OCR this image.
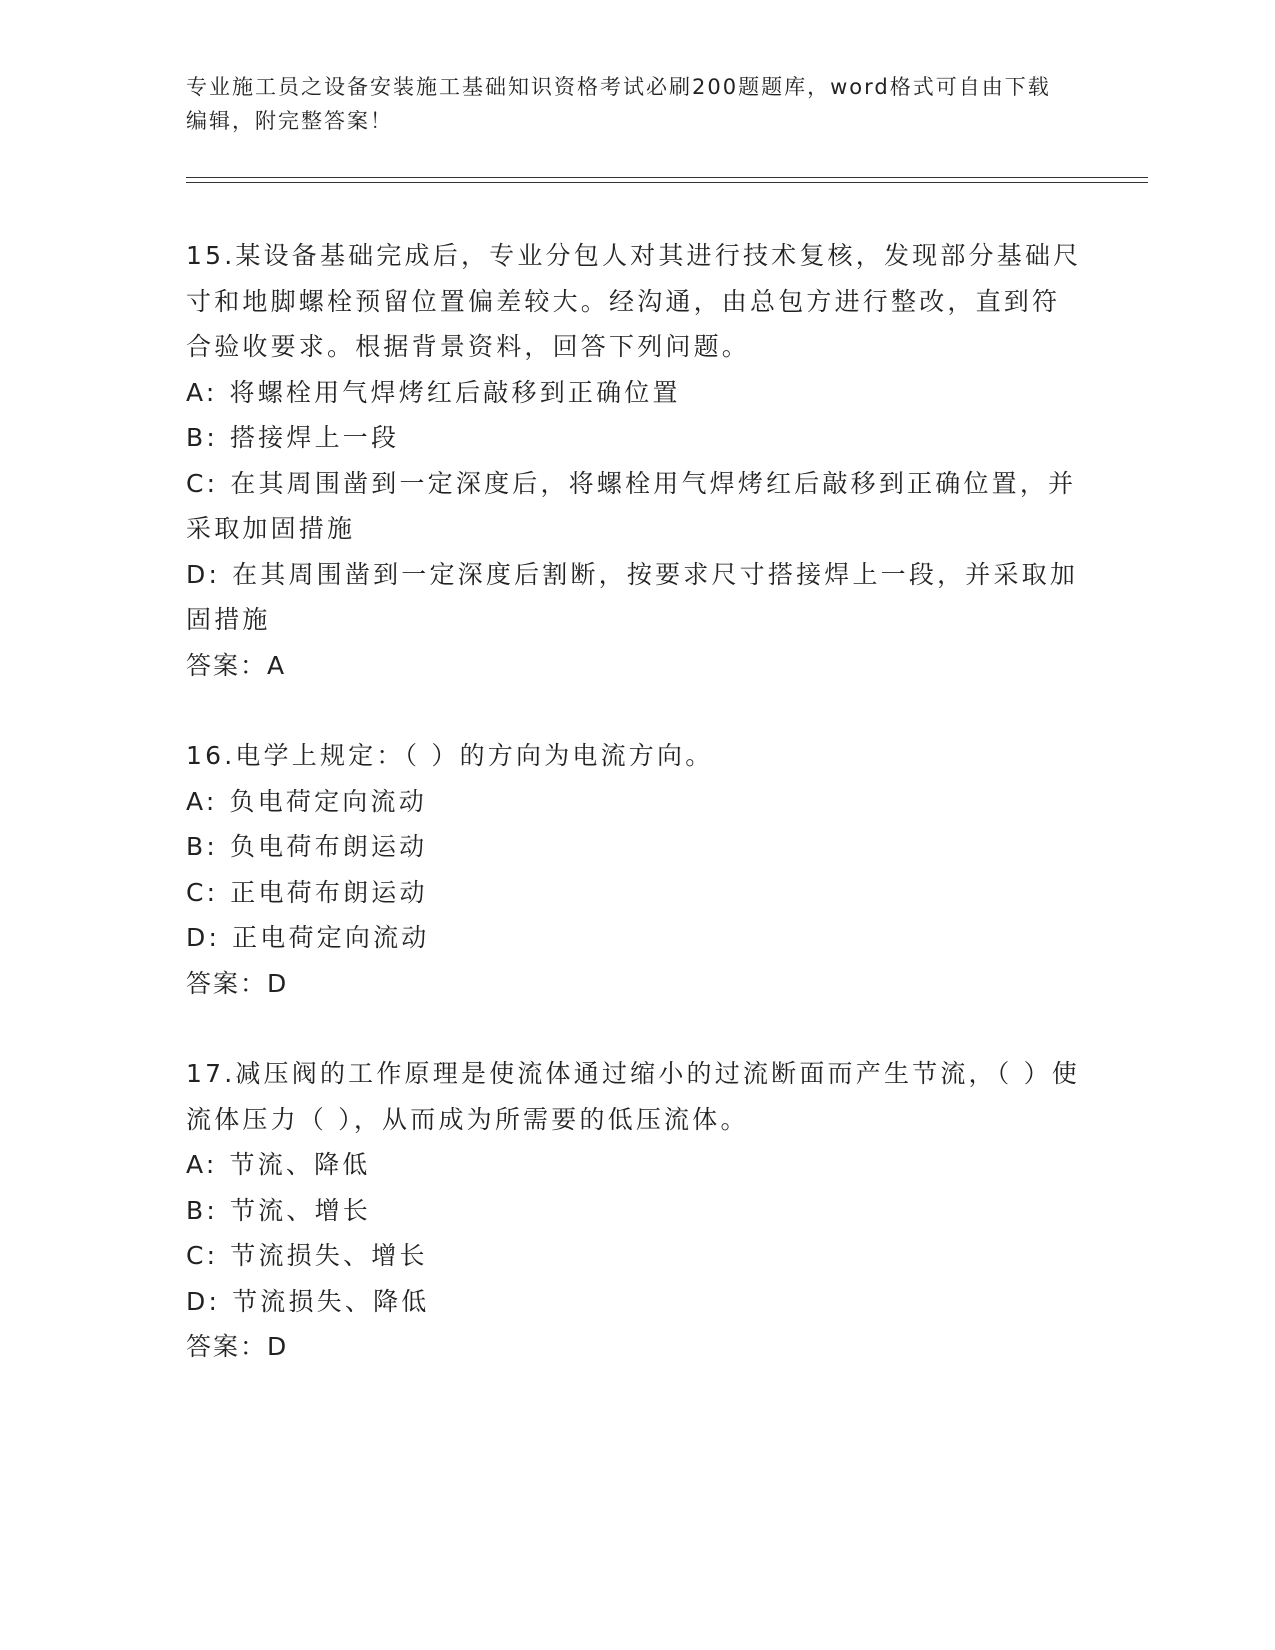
专业施工员之设备安装施工基础知识资格考试必刷200题题库，word格式可自由下载编辑，附完整答案！

15.某设备基础完成后，专业分包人对其进行技术复核，发现部分基础尺寸和地脚螺栓预留位置偏差较大。经沟通，由总包方进行整改，直到符合验收要求。根据背景资料，回答下列问题。

A: 将螺栓用气焊烤红后敲移到正确位置

B: 搭接焊上一段

C: 在其周围凿到一定深度后，将螺栓用气焊烤红后敲移到正确位置，并采取加固措施

D: 在其周围凿到一定深度后割断，按要求尺寸搭接焊上一段，并采取加固措施

答案：A

16.电学上规定：（ ）的方向为电流方向。

A: 负电荷定向流动

B: 负电荷布朗运动

C: 正电荷布朗运动

D: 正电荷定向流动

答案：D

17.减压阀的工作原理是使流体通过缩小的过流断面而产生节流，（ ）使流体压力（ ），从而成为所需要的低压流体。

A: 节流、降低

B: 节流、增长

C: 节流损失、增长

D: 节流损失、降低

答案：D
